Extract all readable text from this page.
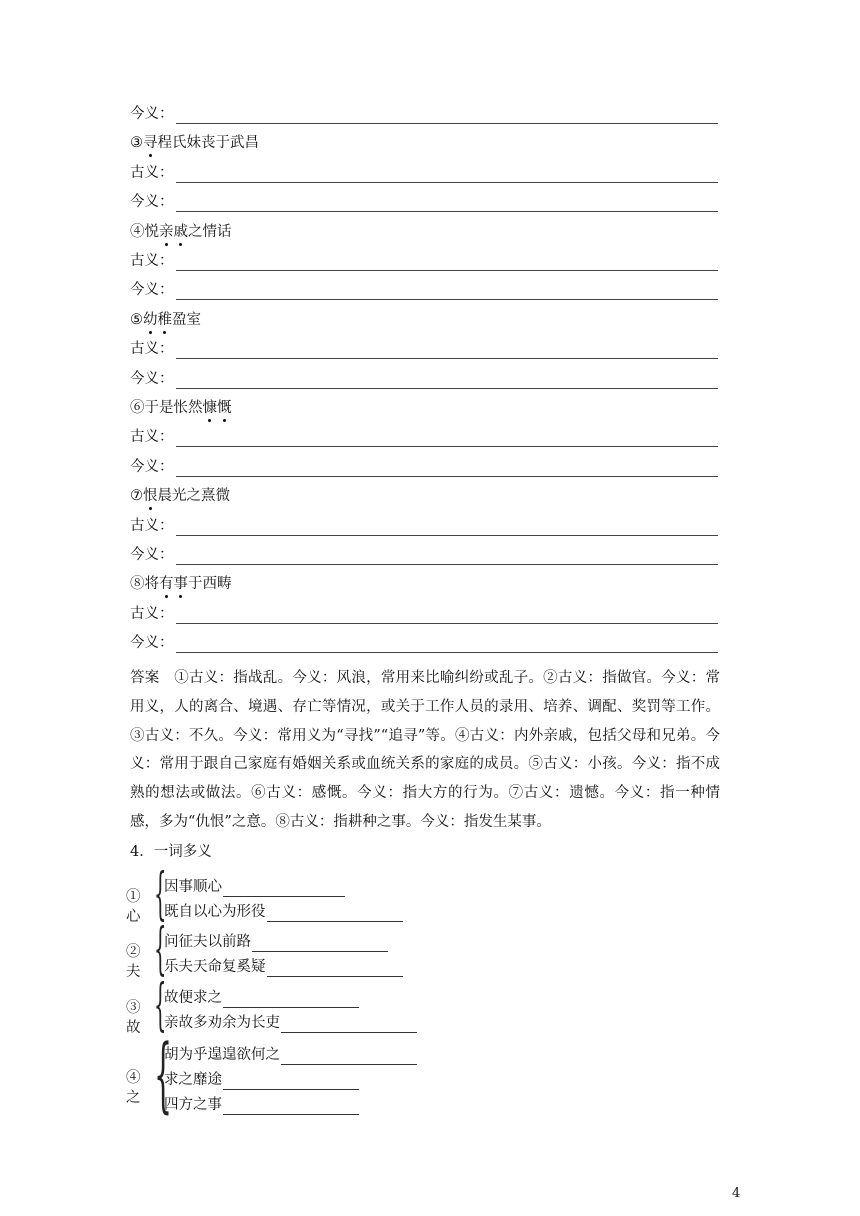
今义：
③寻程氏妹丧于武昌
古义：
今义：
④悦亲戚之情话
古义：
今义：
⑤幼稚盈室
古义：
今义：
⑥于是怅然慷慨
古义：
今义：
⑦恨晨光之熹微
古义：
今义：
⑧将有事于西畴
古义：
今义：
答案　①古义：指战乱。今义：风浪，常用来比喻纠纷或乱子。②古义：指做官。今义：常用义，人的离合、境遇、存亡等情况，或关于工作人员的录用、培养、调配、奖罚等工作。③古义：不久。今义：常用义为“寻找”“追寻”等。④古义：内外亲戚，包括父母和兄弟。今义：常用于跟自己家庭有婚姻关系或血统关系的家庭的成员。⑤古义：小孩。今义：指不成熟的想法或做法。⑥古义：感慨。今义：指大方的行为。⑦古义：遗憾。今义：指一种情感，多为“仇恨”之意。⑧古义：指耕种之事。今义：指发生某事。
4．一词多义
①心 {
因事顺心
既自以心为形役
②夫 {
问征夫以前路
乐夫天命复奚疑
③故 {
故便求之
亲故多劝余为长吏
④之 {
胡为乎遑遑欲何之
求之靡途
四方之事
4
